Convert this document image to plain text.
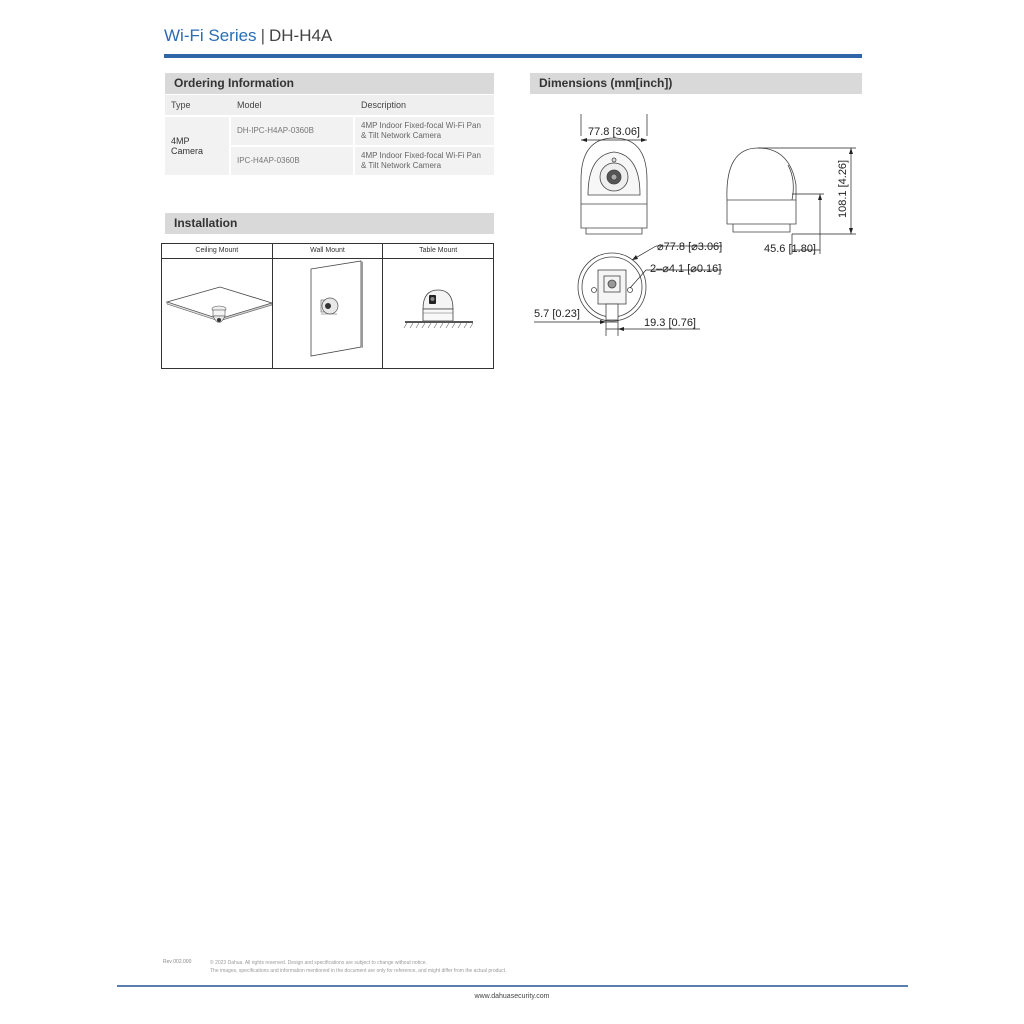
Wi-Fi Series | DH-H4A
Ordering Information
Type	Model	Description
4MP Camera	DH-IPC-H4AP-0360B	4MP Indoor Fixed-focal Wi-Fi Pan
& Tilt Network Camera
	IPC-H4AP-0360B	4MP Indoor Fixed-focal Wi-Fi Pan
& Tilt Network Camera
Installation
Ceiling Mount	Wall Mount	Table Mount
Dimensions (mm[inch])
77.8 [3.06]
108.1 [4.26]
45.6 [1.80]
⌀77.8 [⌀3.06]
2–⌀4.1 [⌀0.16]
5.7 [0.23]
19.3 [0.76]
Rev 002.000	© 2023 Dahua. All rights reserved. Design and specifications are subject to change without notice.
The images, specifications and information mentioned in the document are only for reference, and might differ from the actual product.
www.dahuasecurity.com
